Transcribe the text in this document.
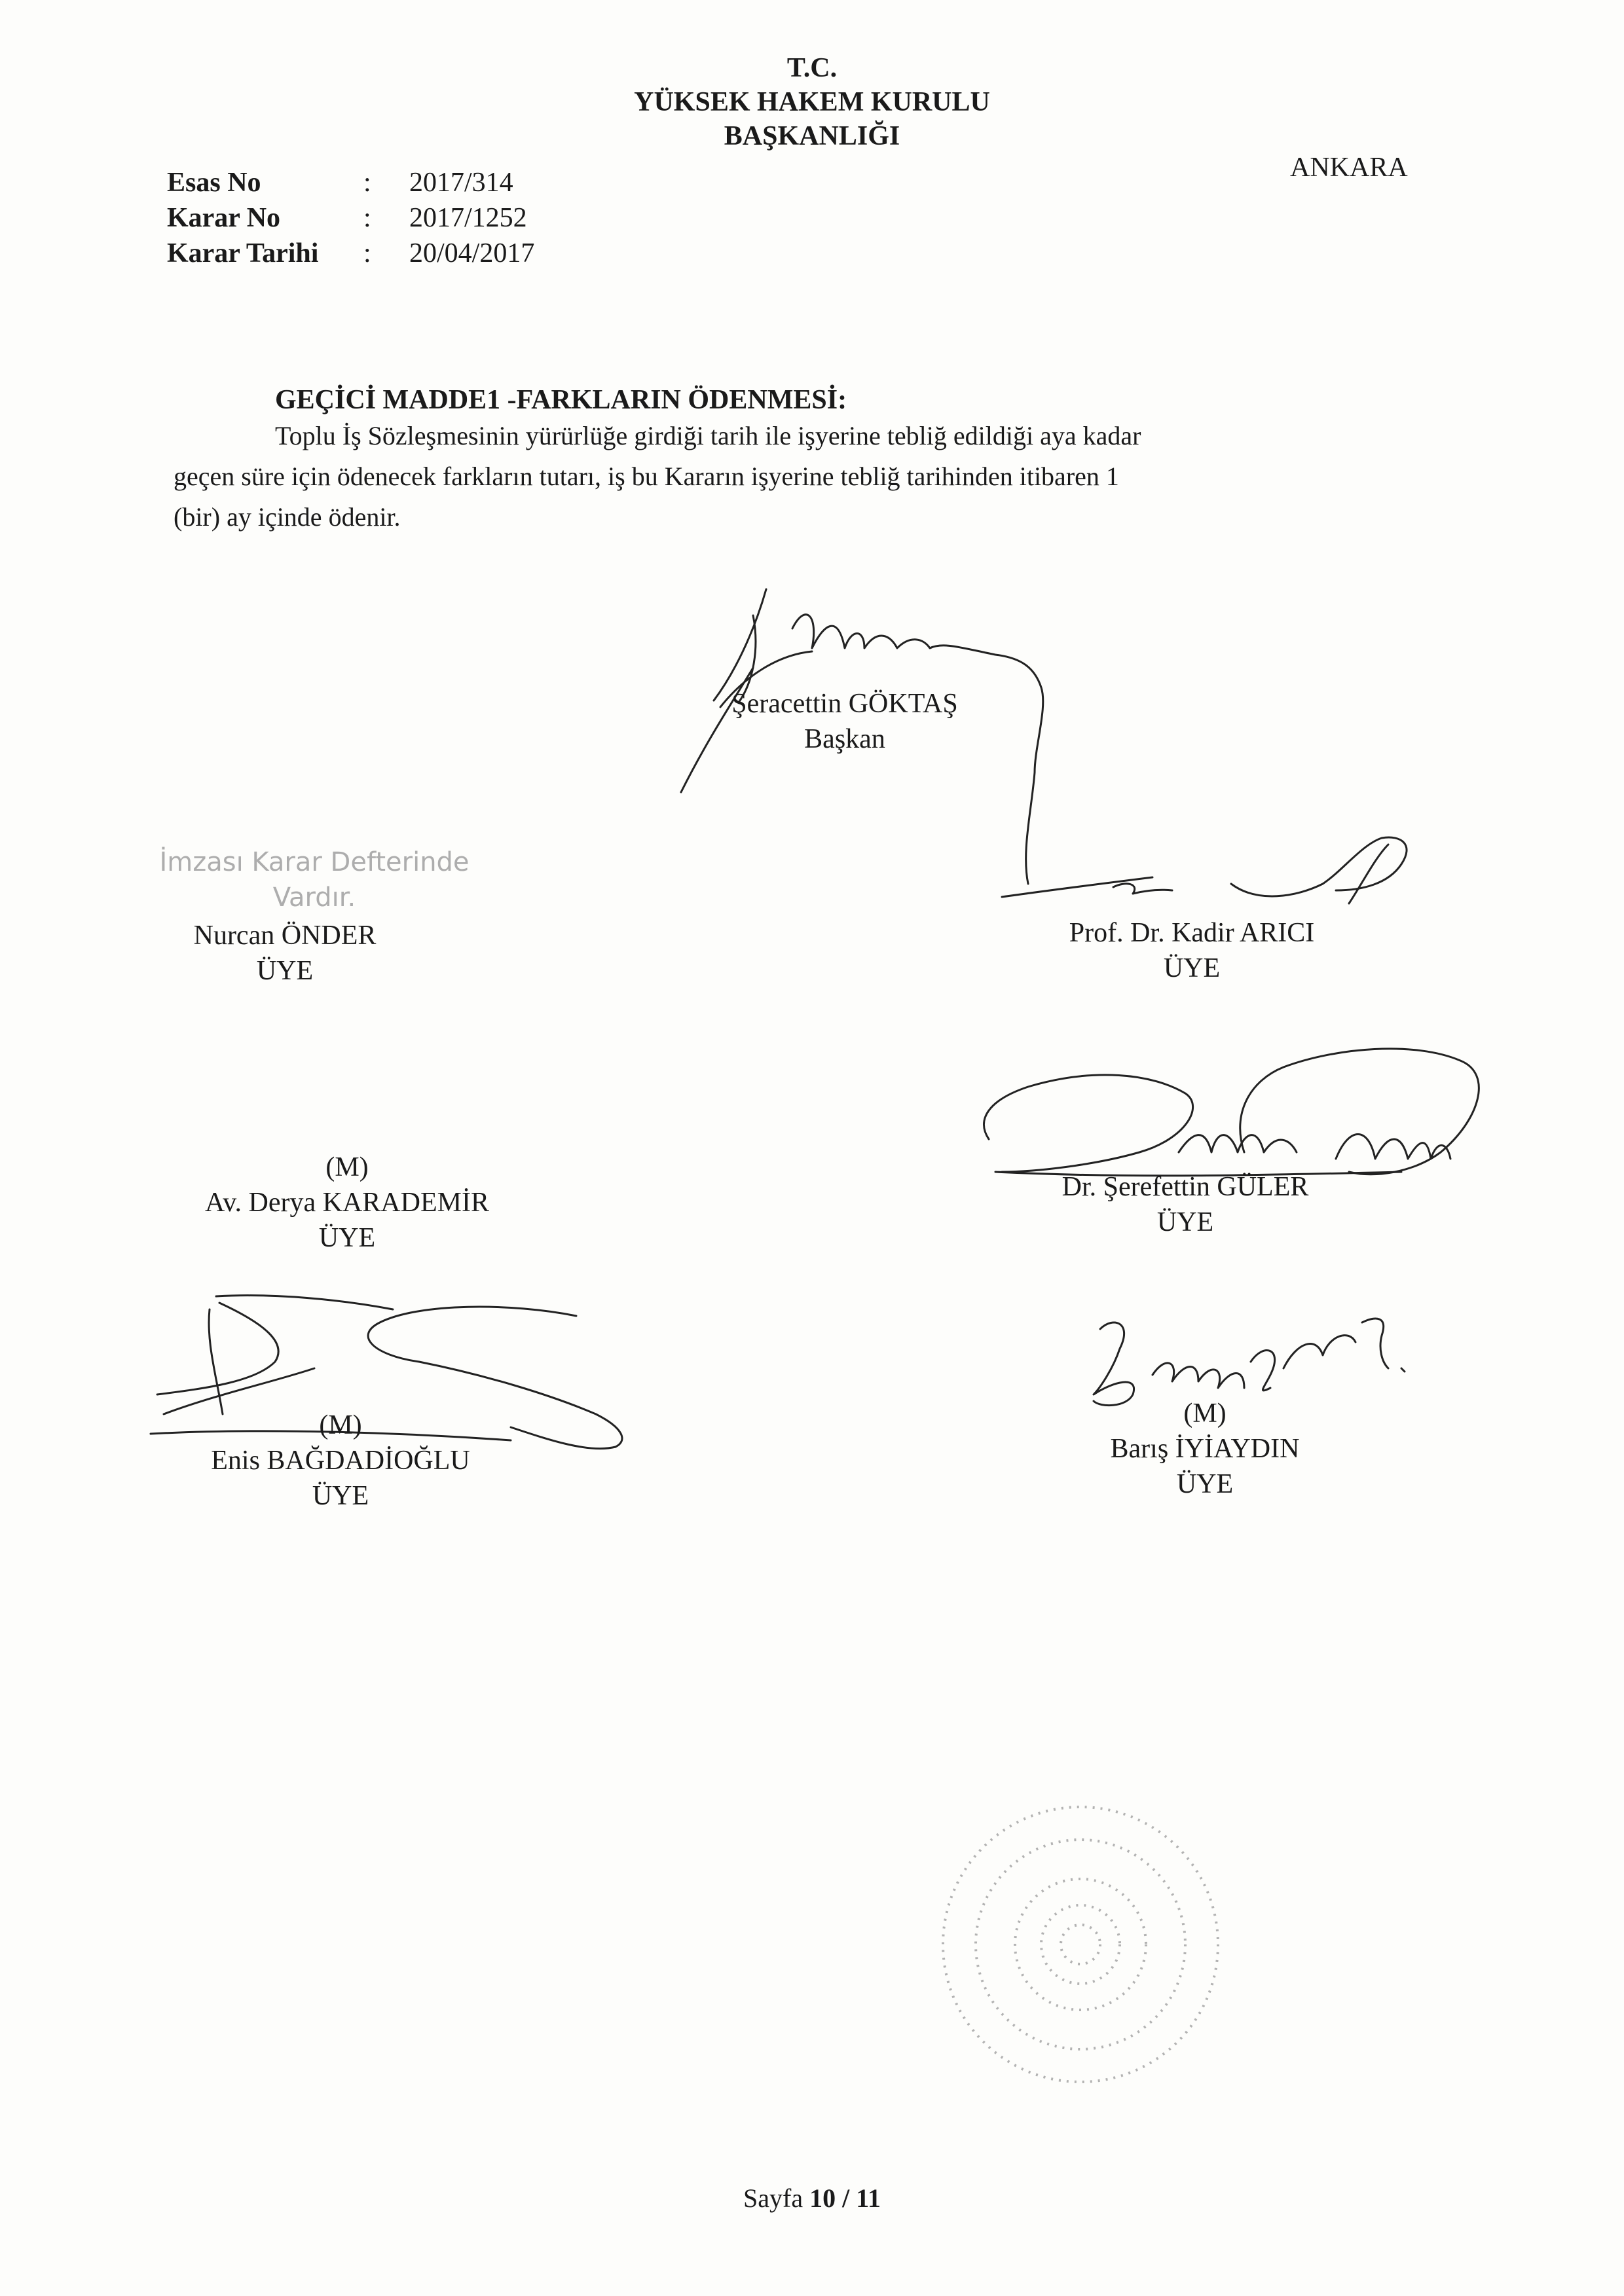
T.C.
YÜKSEK HAKEM KURULU
BAŞKANLIĞI
ANKARA
Esas No	: 2017/314
Karar No	: 2017/1252
Karar Tarihi : 20/04/2017
GEÇİCİ MADDE1 -FARKLARIN ÖDENMESİ:
Toplu İş Sözleşmesinin yürürlüğe girdiği tarih ile işyerine tebliğ edildiği aya kadar
geçen süre için ödenecek farkların tutarı, iş bu Kararın işyerine tebliğ tarihinden itibaren 1
(bir) ay içinde ödenir.
Şeracettin GÖKTAŞ
Başkan
İmzası Karar Defterinde
Vardır.
Nurcan ÖNDER
ÜYE
Prof. Dr. Kadir ARICI
ÜYE
(M)
Av. Derya KARADEMİR
ÜYE
Dr. Şerefettin GÜLER
ÜYE
(M)
Enis BAĞDADİOĞLU
ÜYE
(M)
Barış İYİAYDIN
ÜYE
Sayfa 10 / 11
